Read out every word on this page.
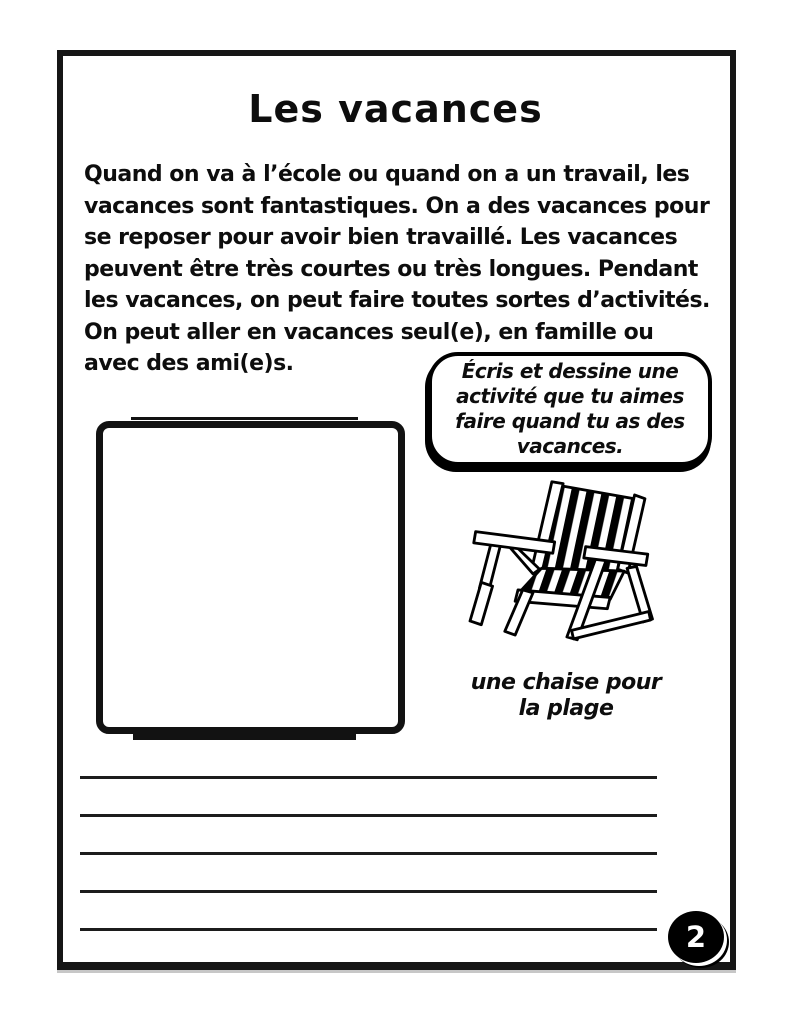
Les vacances

Quand on va à l’école ou quand on a un travail, les vacances sont fantastiques. On a des vacances pour se reposer pour avoir bien travaillé. Les vacances peuvent être très courtes ou très longues. Pendant les vacances, on peut faire toutes sortes d’activités. On peut aller en vacances seul(e), en famille ou avec des ami(e)s.	Écris et dessine une activité que tu aimes faire quand tu as des vacances.
une chaise pour la plage
2
